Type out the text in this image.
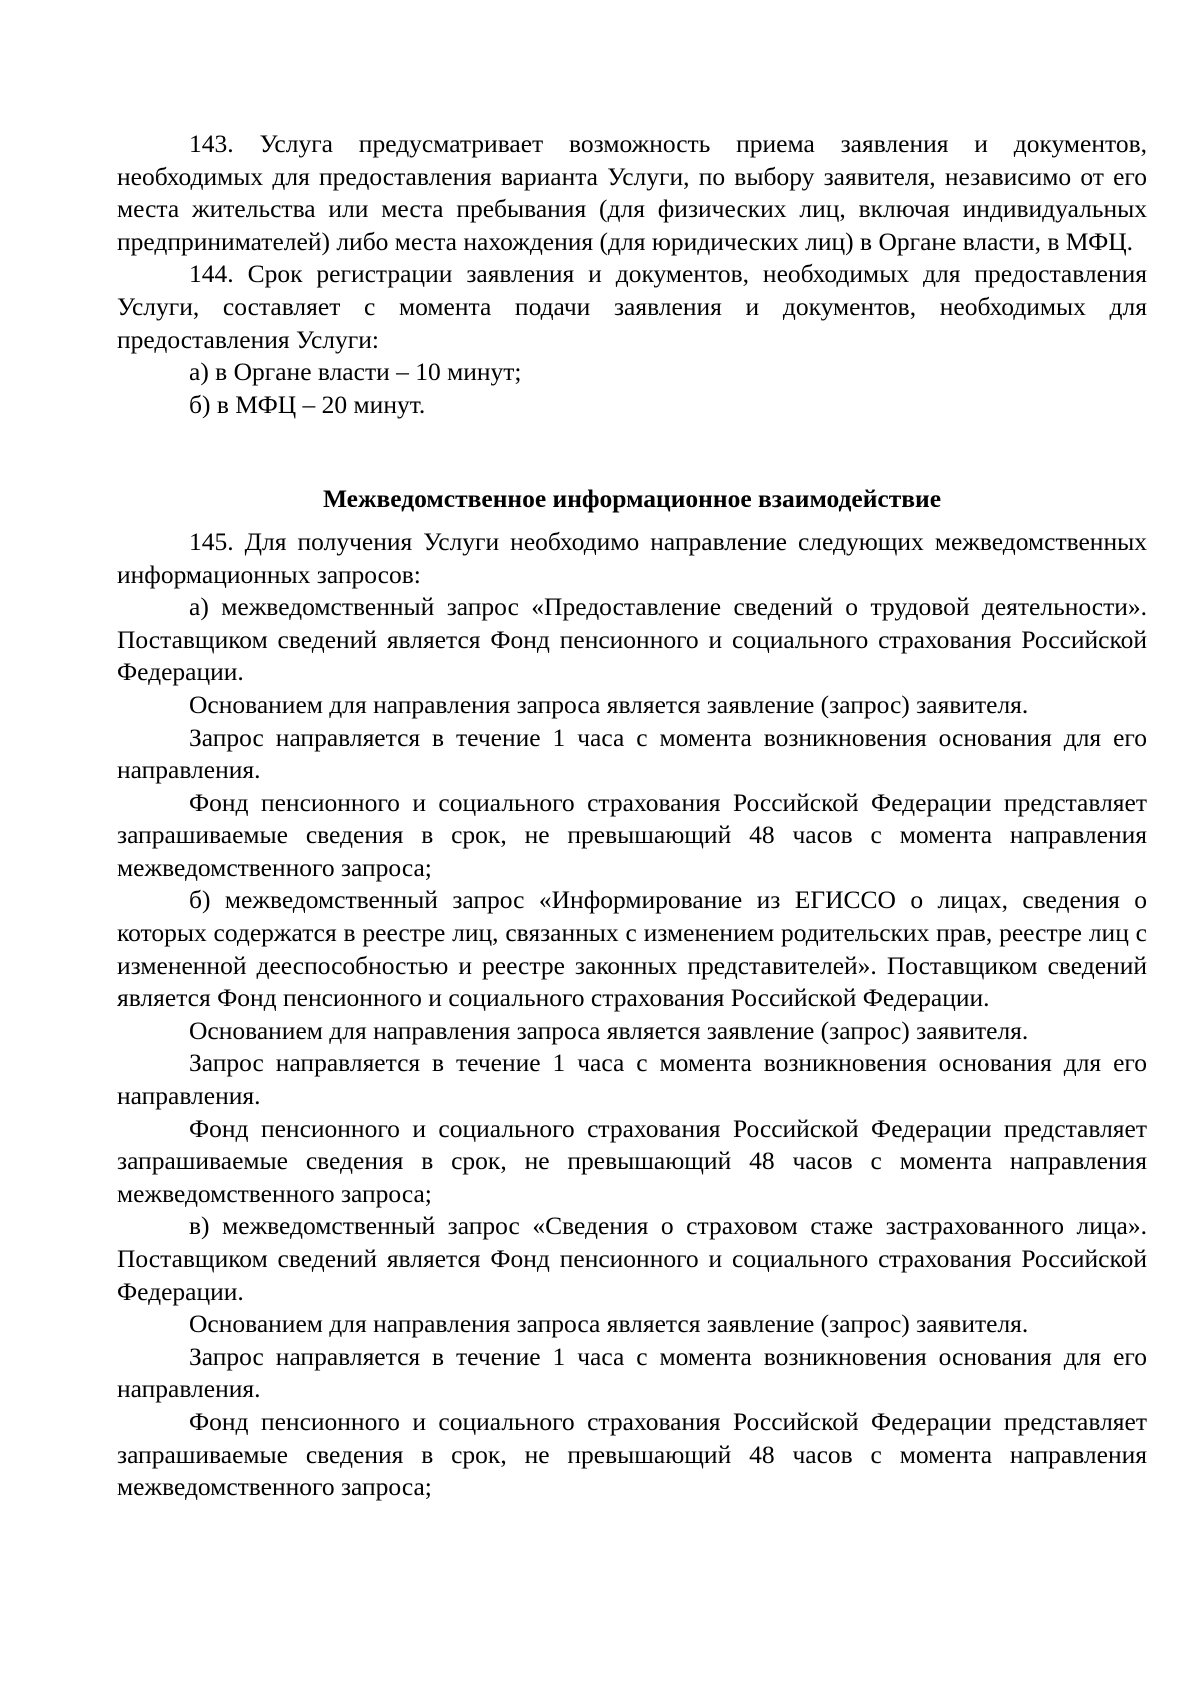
143. Услуга предусматривает возможность приема заявления и документов, необходимых для предоставления варианта Услуги, по выбору заявителя, независимо от его места жительства или места пребывания (для физических лиц, включая индивидуальных предпринимателей) либо места нахождения (для юридических лиц) в Органе власти, в МФЦ.

144. Срок регистрации заявления и документов, необходимых для предоставления Услуги, составляет с момента подачи заявления и документов, необходимых для предоставления Услуги:

а) в Органе власти – 10 минут;

б) в МФЦ – 20 минут.

Межведомственное информационное взаимодействие

145. Для получения Услуги необходимо направление следующих межведомственных информационных запросов:

а) межведомственный запрос «Предоставление сведений о трудовой деятельности». Поставщиком сведений является Фонд пенсионного и социального страхования Российской Федерации.

Основанием для направления запроса является заявление (запрос) заявителя.

Запрос направляется в течение 1 часа с момента возникновения основания для его направления.

Фонд пенсионного и социального страхования Российской Федерации представляет запрашиваемые сведения в срок, не превышающий 48 часов с момента направления межведомственного запроса;

б) межведомственный запрос «Информирование из ЕГИССО о лицах, сведения о которых содержатся в реестре лиц, связанных с изменением родительских прав, реестре лиц с измененной дееспособностью и реестре законных представителей». Поставщиком сведений является Фонд пенсионного и социального страхования Российской Федерации.

Основанием для направления запроса является заявление (запрос) заявителя.

Запрос направляется в течение 1 часа с момента возникновения основания для его направления.

Фонд пенсионного и социального страхования Российской Федерации представляет запрашиваемые сведения в срок, не превышающий 48 часов с момента направления межведомственного запроса;

в) межведомственный запрос «Сведения о страховом стаже застрахованного лица». Поставщиком сведений является Фонд пенсионного и социального страхования Российской Федерации.

Основанием для направления запроса является заявление (запрос) заявителя.

Запрос направляется в течение 1 часа с момента возникновения основания для его направления.

Фонд пенсионного и социального страхования Российской Федерации представляет запрашиваемые сведения в срок, не превышающий 48 часов с момента направления межведомственного запроса;
